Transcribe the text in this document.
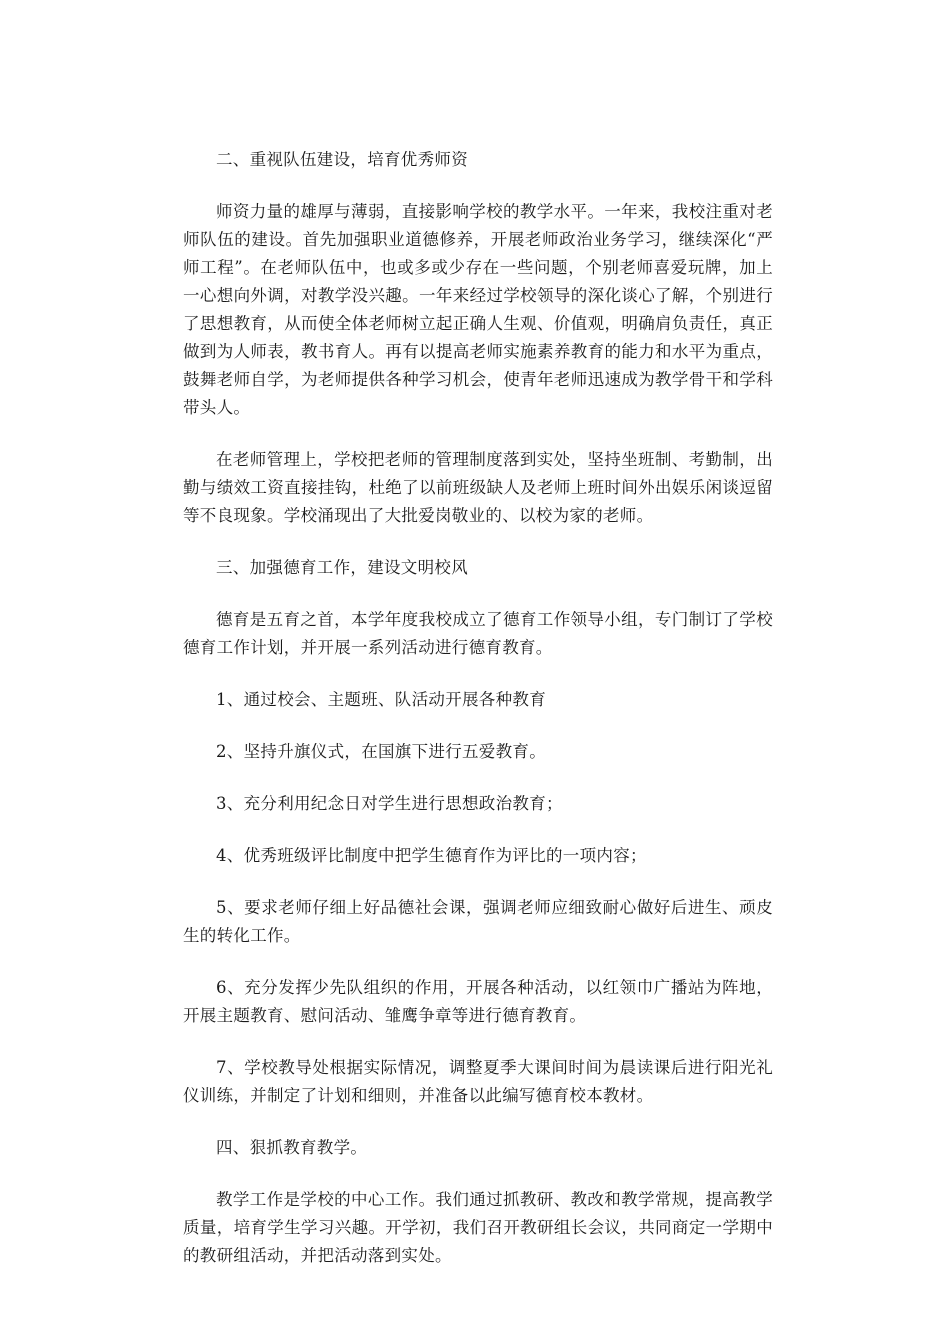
二、重视队伍建设，培育优秀师资

师资力量的雄厚与薄弱，直接影响学校的教学水平。一年来，我校注重对老师队伍的建设。首先加强职业道德修养，开展老师政治业务学习，继续深化“严师工程”。在老师队伍中，也或多或少存在一些问题，个别老师喜爱玩牌，加上一心想向外调，对教学没兴趣。一年来经过学校领导的深化谈心了解，个别进行了思想教育，从而使全体老师树立起正确人生观、价值观，明确肩负责任，真正做到为人师表，教书育人。再有以提高老师实施素养教育的能力和水平为重点，鼓舞老师自学，为老师提供各种学习机会，使青年老师迅速成为教学骨干和学科带头人。

在老师管理上，学校把老师的管理制度落到实处，坚持坐班制、考勤制，出勤与绩效工资直接挂钩，杜绝了以前班级缺人及老师上班时间外出娱乐闲谈逗留等不良现象。学校涌现出了大批爱岗敬业的、以校为家的老师。

三、加强德育工作，建设文明校风

德育是五育之首，本学年度我校成立了德育工作领导小组，专门制订了学校德育工作计划，并开展一系列活动进行德育教育。

1、通过校会、主题班、队活动开展各种教育

2、坚持升旗仪式，在国旗下进行五爱教育。

3、充分利用纪念日对学生进行思想政治教育；

4、优秀班级评比制度中把学生德育作为评比的一项内容；

5、要求老师仔细上好品德社会课，强调老师应细致耐心做好后进生、顽皮生的转化工作。

6、充分发挥少先队组织的作用，开展各种活动，以红领巾广播站为阵地，开展主题教育、慰问活动、雏鹰争章等进行德育教育。

7、学校教导处根据实际情况，调整夏季大课间时间为晨读课后进行阳光礼仪训练，并制定了计划和细则，并准备以此编写德育校本教材。

四、狠抓教育教学。

教学工作是学校的中心工作。我们通过抓教研、教改和教学常规，提高教学质量，培育学生学习兴趣。开学初，我们召开教研组长会议，共同商定一学期中的教研组活动，并把活动落到实处。
